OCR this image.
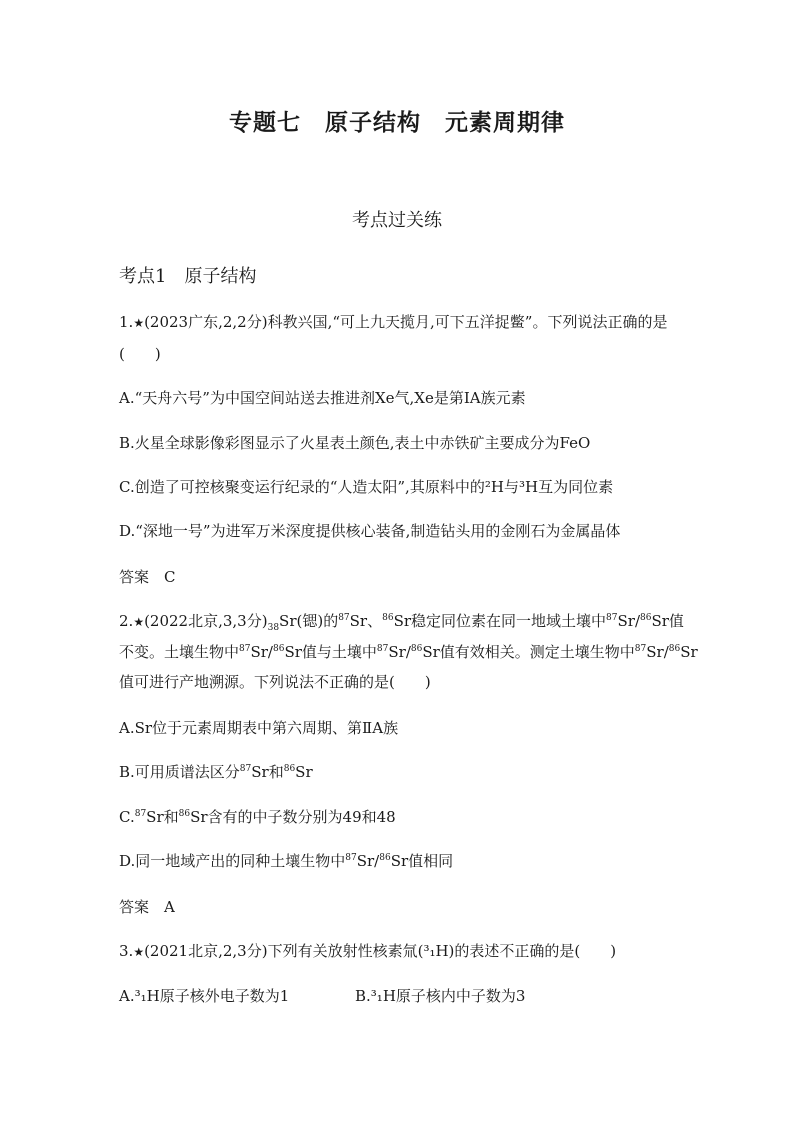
专题七　原子结构　元素周期律
考点过关练
考点1　原子结构
1.★(2023广东,2,2分)科教兴国,“可上九天揽月,可下五洋捉鳖”。下列说法正确的是
(　　)
A.“天舟六号”为中国空间站送去推进剂Xe气,Xe是第ⅠA族元素
B.火星全球影像彩图显示了火星表土颜色,表土中赤铁矿主要成分为FeO
C.创造了可控核聚变运行纪录的“人造太阳”,其原料中的²H与³H互为同位素
D.“深地一号”为进军万米深度提供核心装备,制造钻头用的金刚石为金属晶体
答案　C
2.★(2022北京,3,3分)$_{38}Sr$(锶)的$^{87}$Sr、$^{86}$Sr稳定同位素在同一地域土壤中$^{87}$Sr/$^{86}$Sr值
不变。土壤生物中$^{87}$Sr/$^{86}$Sr值与土壤中$^{87}$Sr/$^{86}$Sr值有效相关。测定土壤生物中$^{87}$Sr/$^{86}$Sr
值可进行产地溯源。下列说法不正确的是(　　)
A.Sr位于元素周期表中第六周期、第ⅡA族
B.可用质谱法区分$^{87}$Sr和$^{86}$Sr
C.$^{87}$Sr和$^{86}$Sr含有的中子数分别为49和48
D.同一地域产出的同种土壤生物中$^{87}$Sr/$^{86}$Sr值相同
答案　A
3.★(2021北京,2,3分)下列有关放射性核素氚(³₁H)的表述不正确的是(　　)
A.³₁H原子核外电子数为1	B.³₁H原子核内中子数为3
